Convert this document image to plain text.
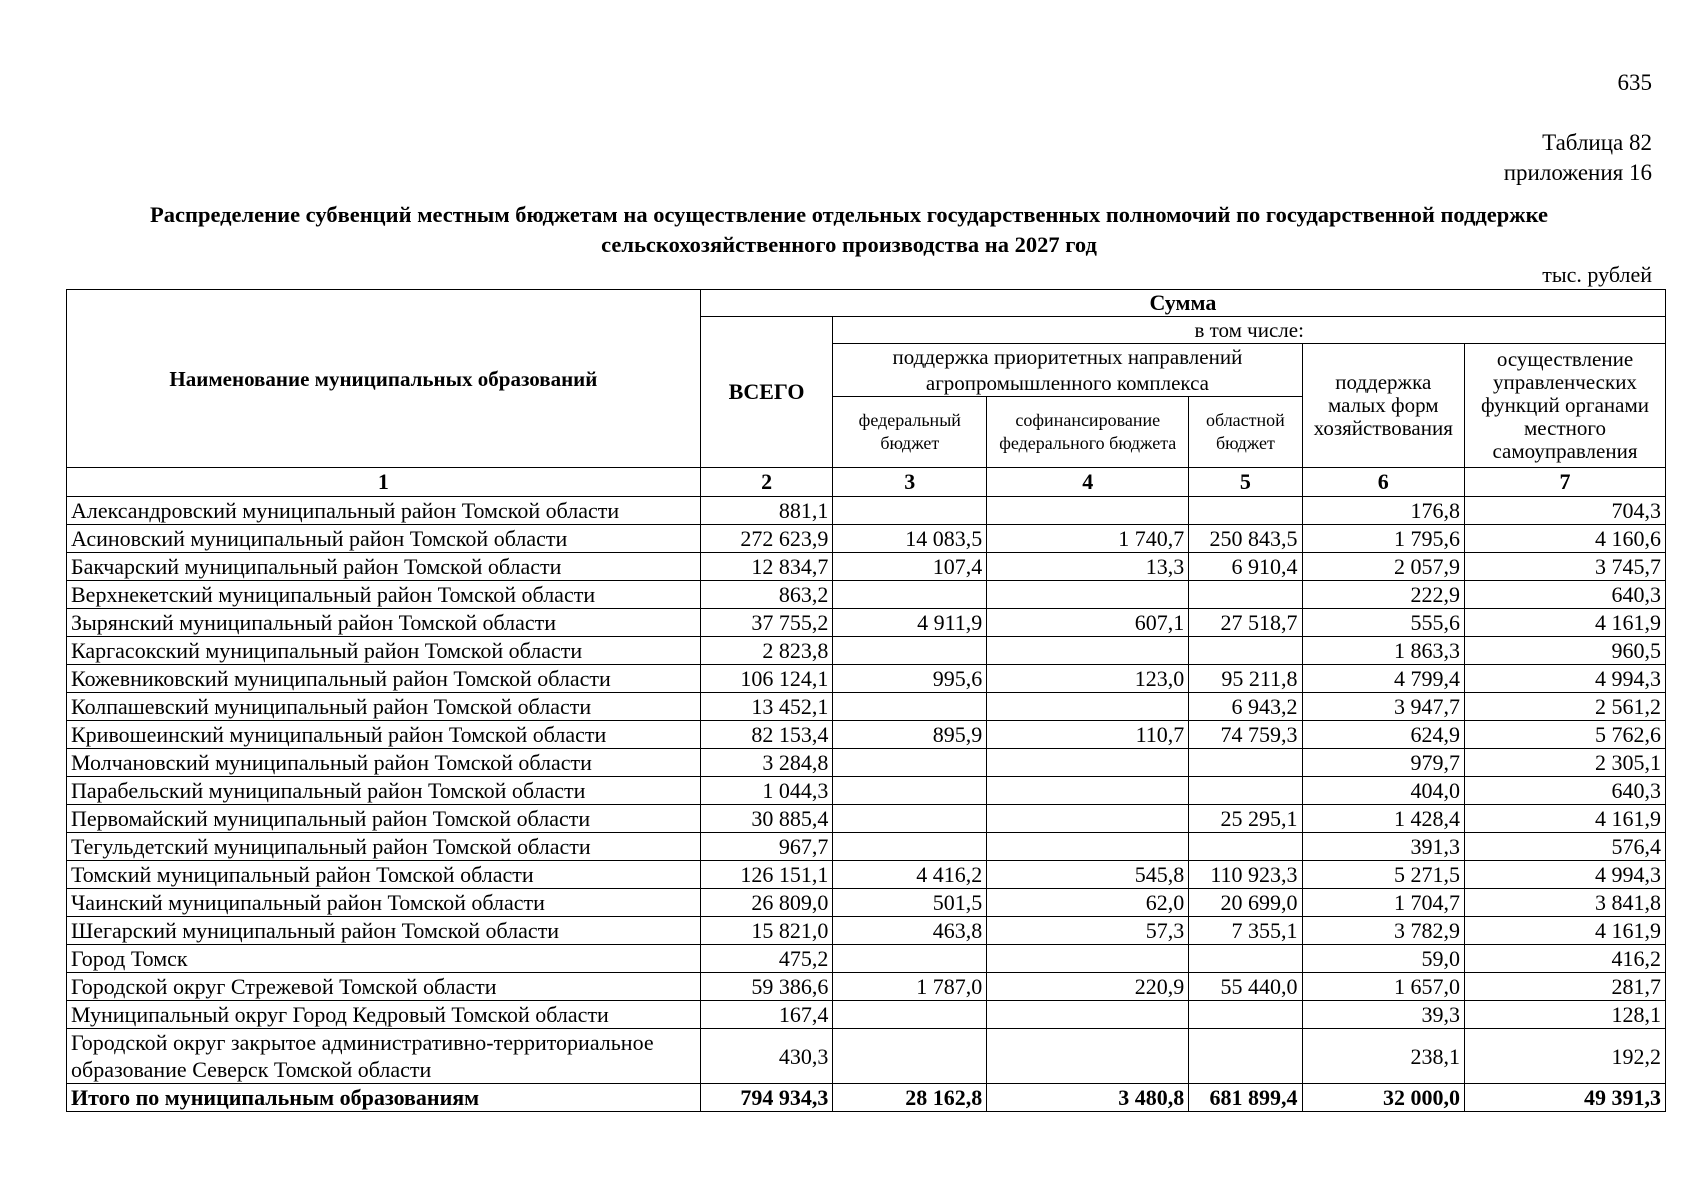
635
Таблица 82
приложения 16
Распределение субвенций местным бюджетам на осуществление отдельных государственных полномочий по государственной поддержке сельскохозяйственного производства на 2027 год
тыс. рублей
Наименование муниципальных образований	Сумма					
	ВСЕГО	в том числе:				
		поддержка приоритетных направлений агропромышленного комплекса			поддержка малых форм хозяйствования	осуществление управленческих функций органами местного самоуправления
		федеральный бюджет	софинансирование федерального бюджета	областной бюджет		
1	2	3	4	5	6	7
Александровский муниципальный район Томской области	881,1				176,8	704,3
Асиновский муниципальный район Томской области	272 623,9	14 083,5	1 740,7	250 843,5	1 795,6	4 160,6
Бакчарский муниципальный район Томской области	12 834,7	107,4	13,3	6 910,4	2 057,9	3 745,7
Верхнекетский муниципальный район Томской области	863,2				222,9	640,3
Зырянский муниципальный район Томской области	37 755,2	4 911,9	607,1	27 518,7	555,6	4 161,9
Каргасокский муниципальный район Томской области	2 823,8				1 863,3	960,5
Кожевниковский муниципальный район Томской области	106 124,1	995,6	123,0	95 211,8	4 799,4	4 994,3
Колпашевский муниципальный район Томской области	13 452,1			6 943,2	3 947,7	2 561,2
Кривошеинский муниципальный район Томской области	82 153,4	895,9	110,7	74 759,3	624,9	5 762,6
Молчановский муниципальный район Томской области	3 284,8				979,7	2 305,1
Парабельский муниципальный район Томской области	1 044,3				404,0	640,3
Первомайский муниципальный район Томской области	30 885,4			25 295,1	1 428,4	4 161,9
Тегульдетский муниципальный район Томской области	967,7				391,3	576,4
Томский муниципальный район Томской области	126 151,1	4 416,2	545,8	110 923,3	5 271,5	4 994,3
Чаинский муниципальный район Томской области	26 809,0	501,5	62,0	20 699,0	1 704,7	3 841,8
Шегарский муниципальный район Томской области	15 821,0	463,8	57,3	7 355,1	3 782,9	4 161,9
Город Томск	475,2				59,0	416,2
Городской округ Стрежевой Томской области	59 386,6	1 787,0	220,9	55 440,0	1 657,0	281,7
Муниципальный округ Город Кедровый Томской области	167,4				39,3	128,1
Городской округ закрытое административно-территориальное образование Северск Томской области	430,3				238,1	192,2
Итого по муниципальным образованиям	794 934,3	28 162,8	3 480,8	681 899,4	32 000,0	49 391,3
